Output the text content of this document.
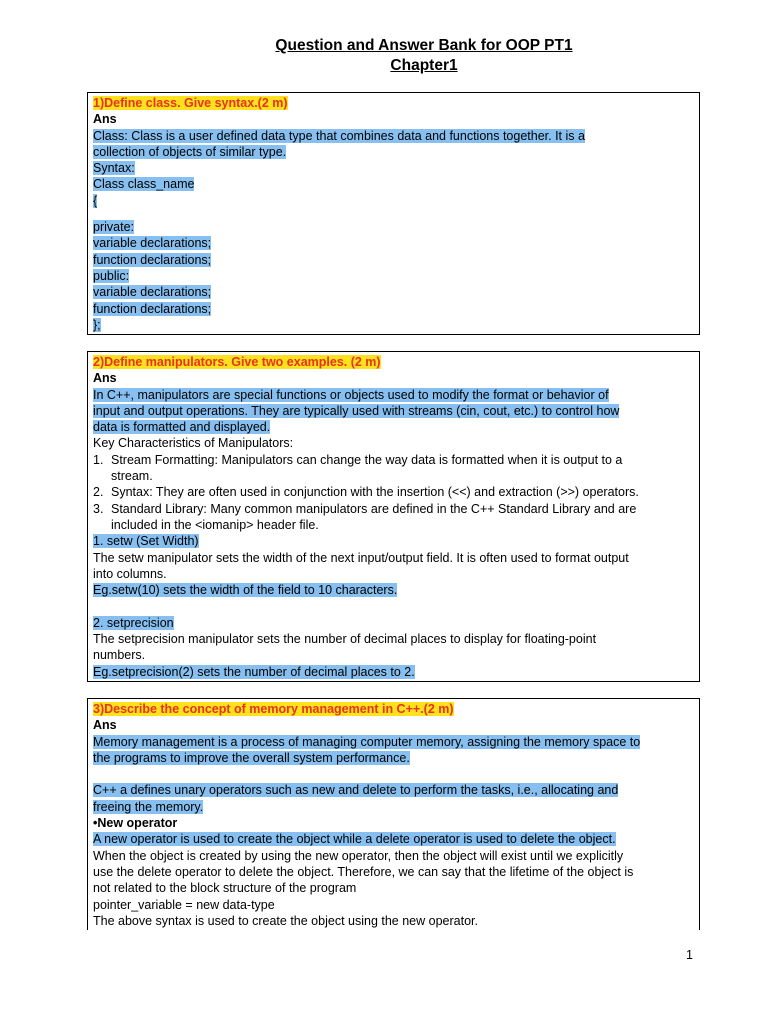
Question and Answer Bank for OOP PT1
Chapter1
1)Define class. Give syntax.(2 m)
Ans
Class: Class is a user defined data type that combines data and functions together. It is a
collection of objects of similar type.
Syntax:
Class class_name
{
private:
variable declarations;
function declarations;
public:
variable declarations;
function declarations;
};
2)Define manipulators. Give two examples. (2 m)
Ans
In C++, manipulators are special functions or objects used to modify the format or behavior of
input and output operations. They are typically used with streams (cin, cout, etc.) to control how
data is formatted and displayed.
Key Characteristics of Manipulators:
1. Stream Formatting: Manipulators can change the way data is formatted when it is output to a
stream.
2. Syntax: They are often used in conjunction with the insertion (<<) and extraction (>>) operators.
3. Standard Library: Many common manipulators are defined in the C++ Standard Library and are
included in the <iomanip> header file.
1. setw (Set Width)
The setw manipulator sets the width of the next input/output field. It is often used to format output
into columns.
Eg.setw(10) sets the width of the field to 10 characters.
2. setprecision
The setprecision manipulator sets the number of decimal places to display for floating-point
numbers.
Eg.setprecision(2) sets the number of decimal places to 2.
3)Describe the concept of memory management in C++.(2 m)
Ans
Memory management is a process of managing computer memory, assigning the memory space to
the programs to improve the overall system performance.
C++ a defines unary operators such as new and delete to perform the tasks, i.e., allocating and
freeing the memory.
•New operator
A new operator is used to create the object while a delete operator is used to delete the object.
When the object is created by using the new operator, then the object will exist until we explicitly
use the delete operator to delete the object. Therefore, we can say that the lifetime of the object is
not related to the block structure of the program
pointer_variable = new data-type
The above syntax is used to create the object using the new operator.
1
